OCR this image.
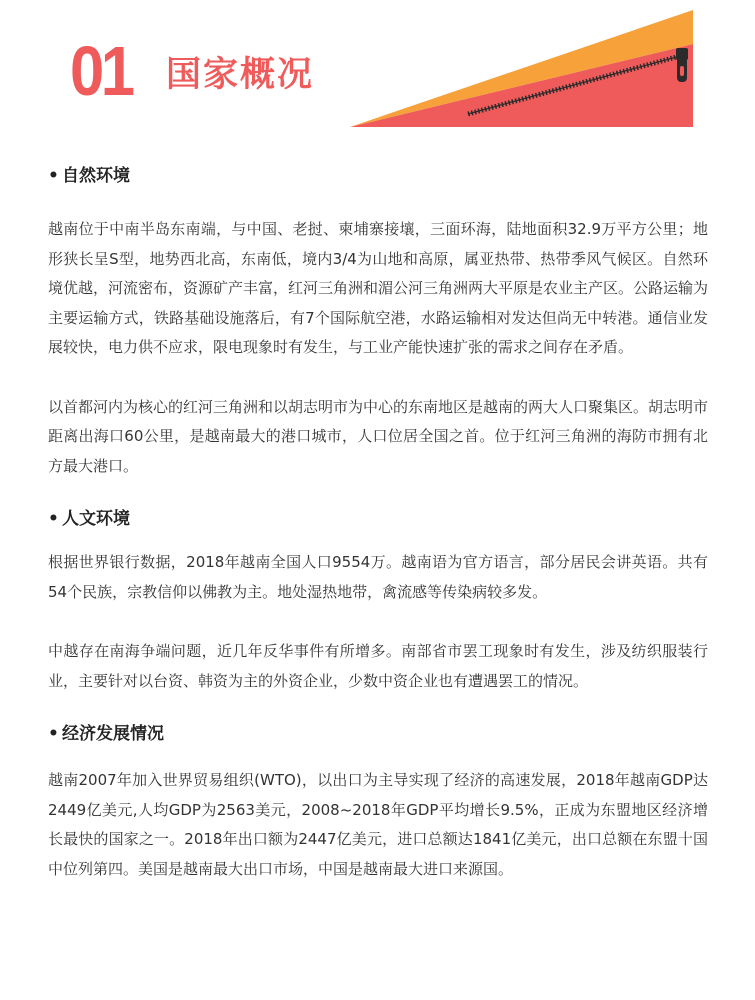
01 国家概况
• 自然环境

越南位于中南半岛东南端，与中国、老挝、柬埔寨接壤，三面环海，陆地面积32.9万平方公里；地形狭长呈S型，地势西北高，东南低，境内3/4为山地和高原，属亚热带、热带季风气候区。自然环境优越，河流密布，资源矿产丰富，红河三角洲和湄公河三角洲两大平原是农业主产区。公路运输为主要运输方式，铁路基础设施落后，有7个国际航空港，水路运输相对发达但尚无中转港。通信业发展较快，电力供不应求，限电现象时有发生，与工业产能快速扩张的需求之间存在矛盾。

以首都河内为核心的红河三角洲和以胡志明市为中心的东南地区是越南的两大人口聚集区。胡志明市距离出海口60公里，是越南最大的港口城市，人口位居全国之首。位于红河三角洲的海防市拥有北方最大港口。

• 人文环境

根据世界银行数据，2018年越南全国人口9554万。越南语为官方语言，部分居民会讲英语。共有54个民族，宗教信仰以佛教为主。地处湿热地带，禽流感等传染病较多发。

中越存在南海争端问题，近几年反华事件有所增多。南部省市罢工现象时有发生，涉及纺织服装行业，主要针对以台资、韩资为主的外资企业，少数中资企业也有遭遇罢工的情况。

• 经济发展情况

越南2007年加入世界贸易组织(WTO)，以出口为主导实现了经济的高速发展，2018年越南GDP达2449亿美元,人均GDP为2563美元，2008~2018年GDP平均增长9.5%，正成为东盟地区经济增长最快的国家之一。2018年出口额为2447亿美元，进口总额达1841亿美元，出口总额在东盟十国中位列第四。美国是越南最大出口市场，中国是越南最大进口来源国。
